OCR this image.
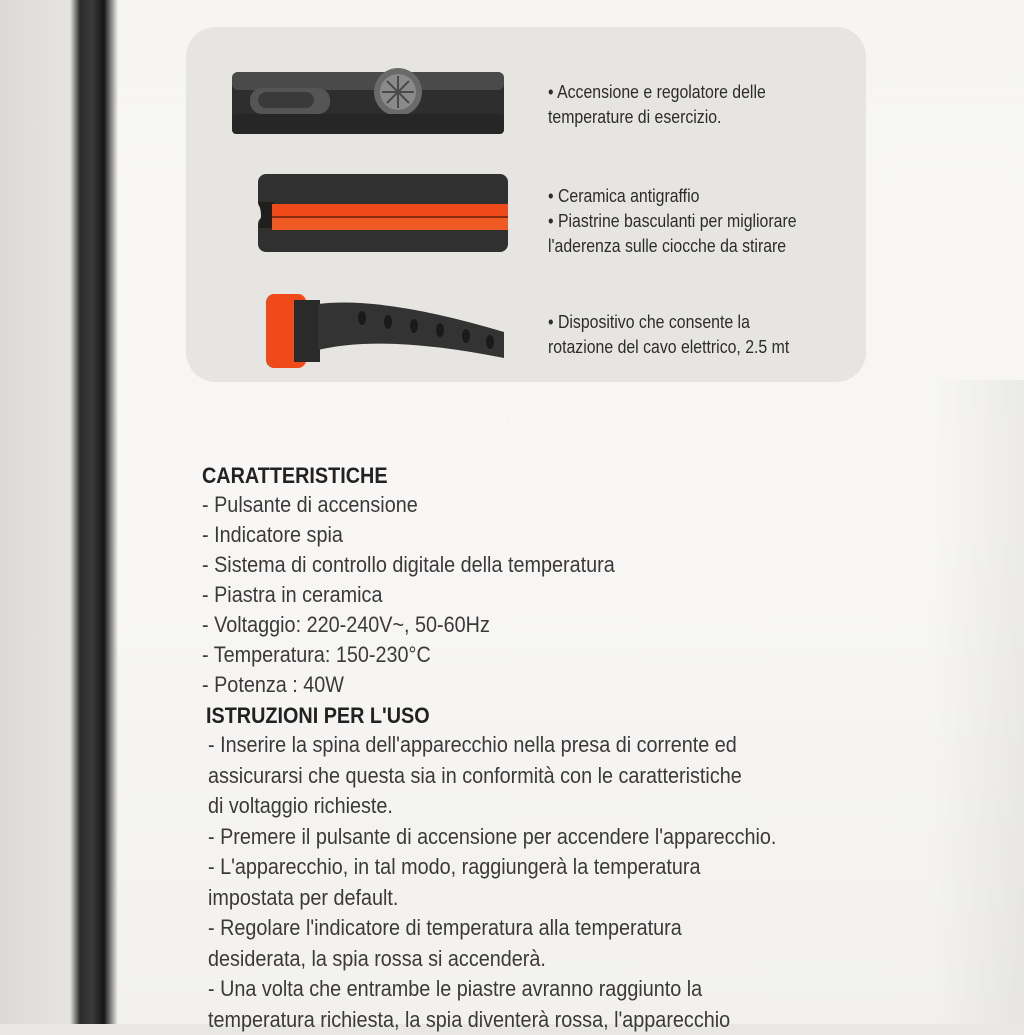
• Accensione e regolatore delle
temperature di esercizio.
• Ceramica antigraffio
• Piastrine basculanti per migliorare
l'aderenza sulle ciocche da stirare
• Dispositivo che consente la
rotazione del cavo elettrico, 2.5 mt
CARATTERISTICHE
- Pulsante di accensione
- Indicatore spia
- Sistema di controllo digitale della temperatura
- Piastra in ceramica
- Voltaggio: 220-240V~, 50-60Hz
- Temperatura: 150-230°C
- Potenza : 40W
ISTRUZIONI PER L'USO
- Inserire la spina dell'apparecchio nella presa di corrente ed
assicurarsi che questa sia in conformità con le caratteristiche
di voltaggio richieste.
- Premere il pulsante di accensione per accendere l'apparecchio.
- L'apparecchio, in tal modo, raggiungerà la temperatura
impostata per default.
- Regolare l'indicatore di temperatura alla temperatura
desiderata, la spia rossa si accenderà.
- Una volta che entrambe le piastre avranno raggiunto la
temperatura richiesta, la spia diventerà rossa, l'apparecchio
